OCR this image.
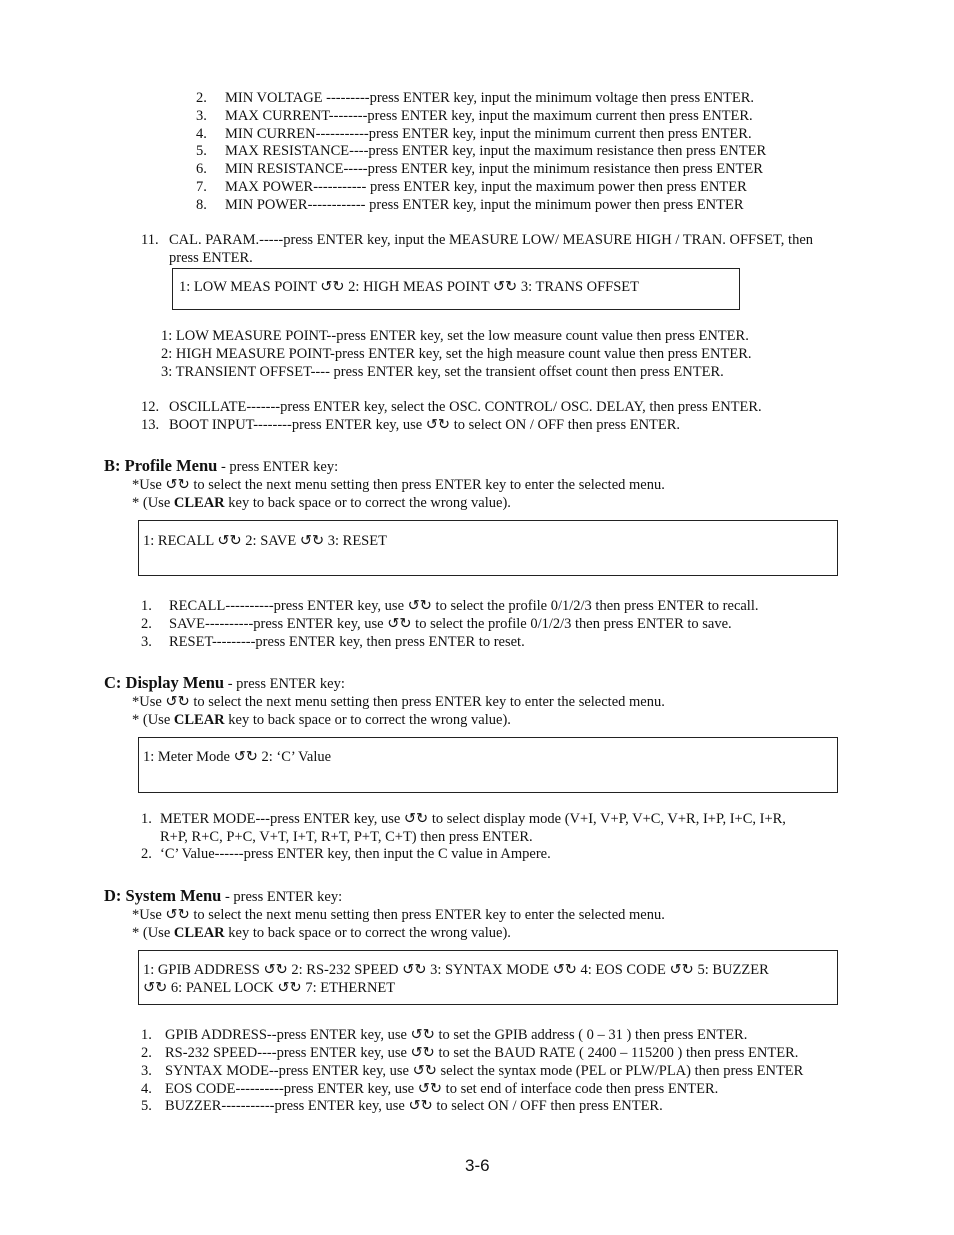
2. MIN VOLTAGE ---------press ENTER key, input the minimum voltage then press ENTER.
3. MAX CURRENT--------press ENTER key, input the maximum current then press ENTER.
4. MIN CURREN-----------press ENTER key, input the minimum current then press ENTER.
5. MAX RESISTANCE----press ENTER key, input the maximum resistance then press ENTER
6. MIN RESISTANCE-----press ENTER key, input the minimum resistance then press ENTER
7. MAX POWER----------- press ENTER key, input the maximum power then press ENTER
8. MIN POWER------------ press ENTER key, input the minimum power then press ENTER
11. CAL. PARAM.-----press ENTER key, input the MEASURE LOW/ MEASURE HIGH / TRAN. OFFSET, then
press ENTER.
1: LOW MEAS POINT ↺↻ 2: HIGH MEAS POINT ↺↻ 3: TRANS OFFSET
1: LOW MEASURE POINT--press ENTER key, set the low measure count value then press ENTER.
2: HIGH MEASURE POINT-press ENTER key, set the high measure count value then press ENTER.
3: TRANSIENT OFFSET---- press ENTER key, set the transient offset count then press ENTER.
12. OSCILLATE-------press ENTER key, select the OSC. CONTROL/ OSC. DELAY, then press ENTER.
13. BOOT INPUT--------press ENTER key, use ↺↻ to select ON / OFF then press ENTER.
B: Profile Menu - press ENTER key:
*Use ↺↻ to select the next menu setting then press ENTER key to enter the selected menu.
* (Use CLEAR key to back space or to correct the wrong value).
1: RECALL ↺↻ 2: SAVE ↺↻ 3: RESET
1. RECALL----------press ENTER key, use ↺↻ to select the profile 0/1/2/3 then press ENTER to recall.
2. SAVE----------press ENTER key, use ↺↻ to select the profile 0/1/2/3 then press ENTER to save.
3. RESET---------press ENTER key, then press ENTER to reset.
C: Display Menu - press ENTER key:
*Use ↺↻ to select the next menu setting then press ENTER key to enter the selected menu.
* (Use CLEAR key to back space or to correct the wrong value).
1: Meter Mode ↺↻ 2: ‘C’ Value
1. METER MODE---press ENTER key, use ↺↻ to select display mode (V+I, V+P, V+C, V+R, I+P, I+C, I+R,
R+P, R+C, P+C, V+T, I+T, R+T, P+T, C+T) then press ENTER.
2. ‘C’ Value------press ENTER key, then input the C value in Ampere.
D: System Menu - press ENTER key:
*Use ↺↻ to select the next menu setting then press ENTER key to enter the selected menu.
* (Use CLEAR key to back space or to correct the wrong value).
1: GPIB ADDRESS ↺↻ 2: RS-232 SPEED ↺↻ 3: SYNTAX MODE ↺↻ 4: EOS CODE ↺↻ 5: BUZZER
↺↻ 6: PANEL LOCK ↺↻ 7: ETHERNET
1. GPIB ADDRESS--press ENTER key, use ↺↻ to set the GPIB address ( 0 – 31 ) then press ENTER.
2. RS-232 SPEED----press ENTER key, use ↺↻ to set the BAUD RATE ( 2400 – 115200 ) then press ENTER.
3. SYNTAX MODE--press ENTER key, use ↺↻ select the syntax mode (PEL or PLW/PLA) then press ENTER
4. EOS CODE----------press ENTER key, use ↺↻ to set end of interface code then press ENTER.
5. BUZZER-----------press ENTER key, use ↺↻ to select ON / OFF then press ENTER.
3-6
